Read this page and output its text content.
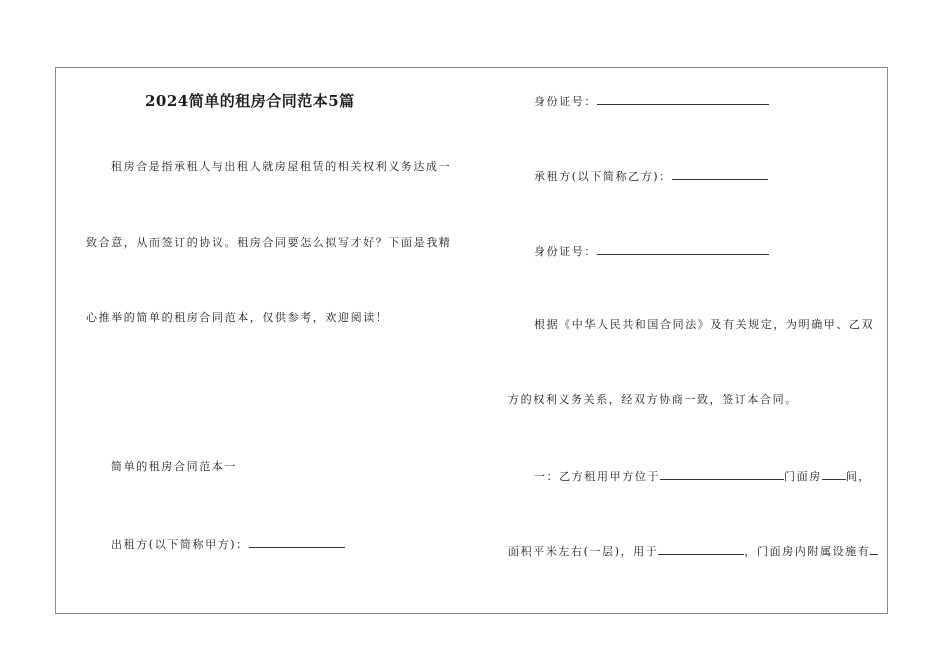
2024简单的租房合同范本5篇
租房合是指承租人与出租人就房屋租赁的相关权利义务达成一
致合意，从而签订的协议。租房合同要怎么拟写才好？下面是我精
心推举的简单的租房合同范本，仅供参考，欢迎阅读！
简单的租房合同范本一
出租方(以下简称甲方)：
身份证号：
承租方(以下简称乙方)：
身份证号：
根据《中华人民共和国合同法》及有关规定，为明确甲、乙双
方的权利义务关系，经双方协商一致，签订本合同。
一：乙方租用甲方位于	门面房 间，
面积平米左右(一层)，用于	，门面房内附属设施有
